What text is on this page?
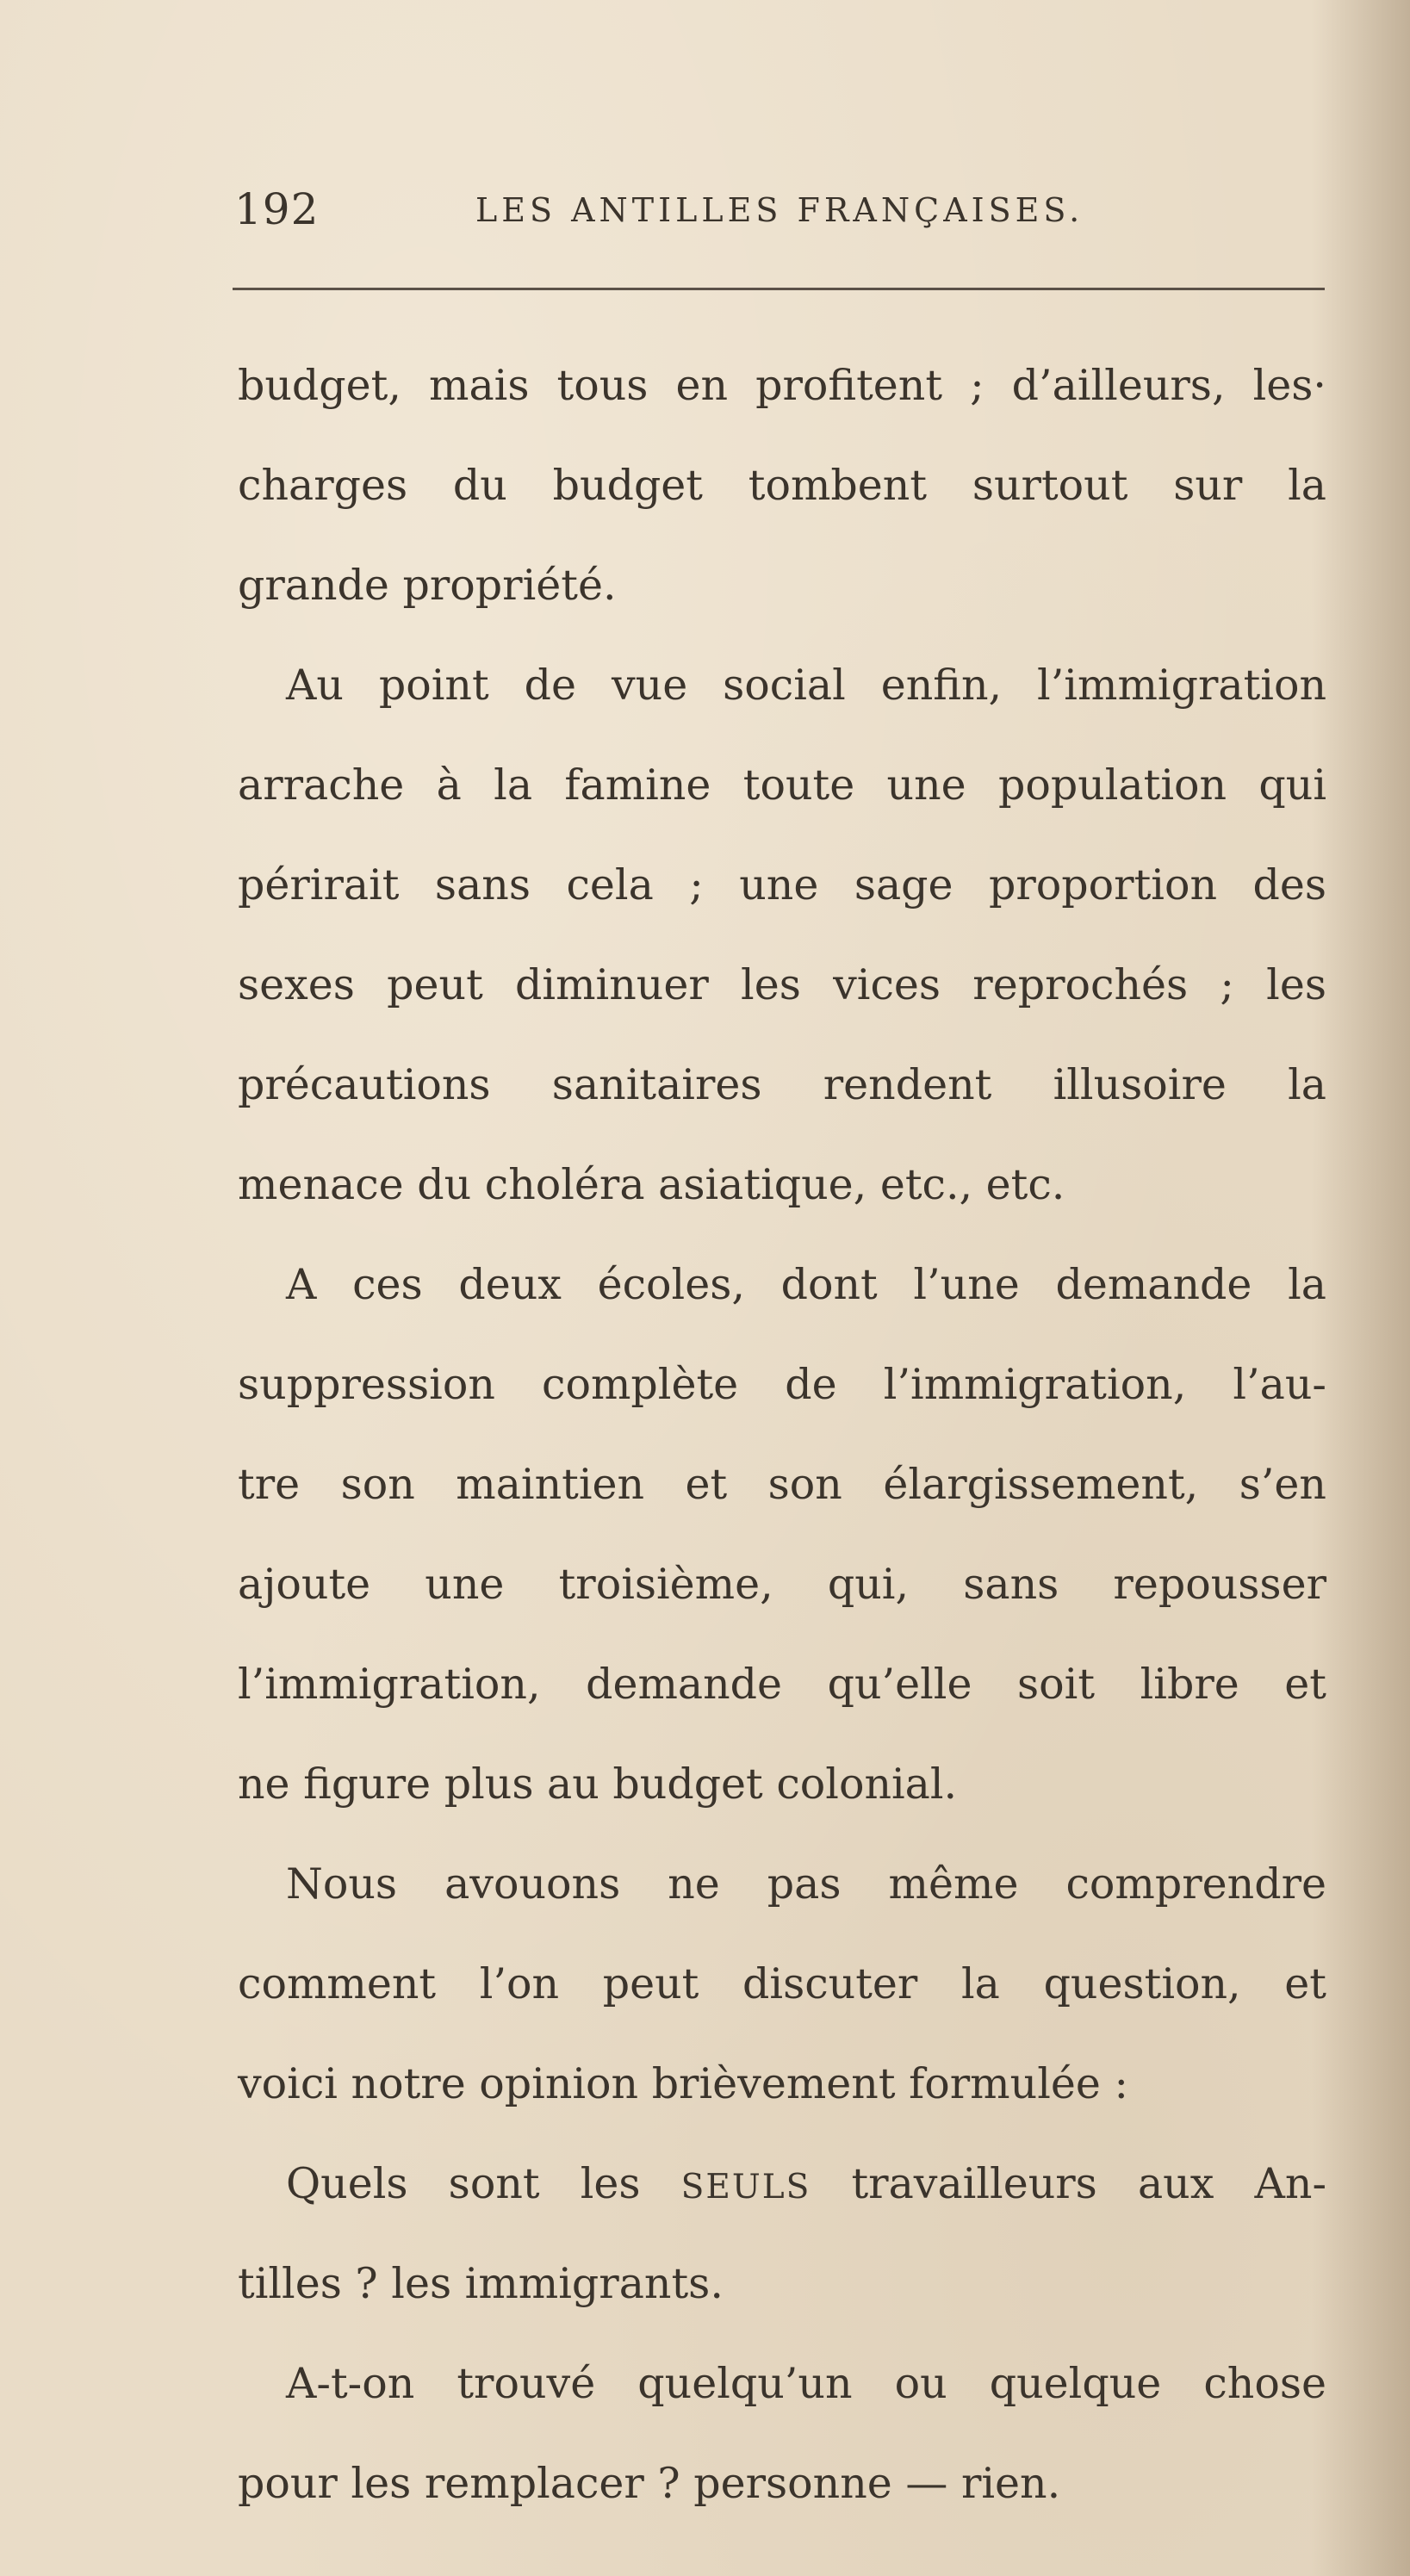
192	LES ANTILLES FRANÇAISES.
budget, mais tous en profitent ; d’ailleurs, les·
charges du budget tombent surtout sur la
grande propriété.
Au point de vue social enfin, l’immigration
arrache à la famine toute une population qui
périrait sans cela ; une sage proportion des
sexes peut diminuer les vices reprochés ; les
précautions sanitaires rendent illusoire la
menace du choléra asiatique, etc., etc.
A ces deux écoles, dont l’une demande la
suppression complète de l’immigration, l’au-
tre son maintien et son élargissement, s’en
ajoute une troisième, qui, sans repousser
l’immigration, demande qu’elle soit libre et
ne figure plus au budget colonial.
Nous avouons ne pas même comprendre
comment l’on peut discuter la question, et
voici notre opinion brièvement formulée :
Quels sont les SEULS travailleurs aux An-
tilles ? les immigrants.
A-t-on trouvé quelqu’un ou quelque chose
pour les remplacer ? personne — rien.
